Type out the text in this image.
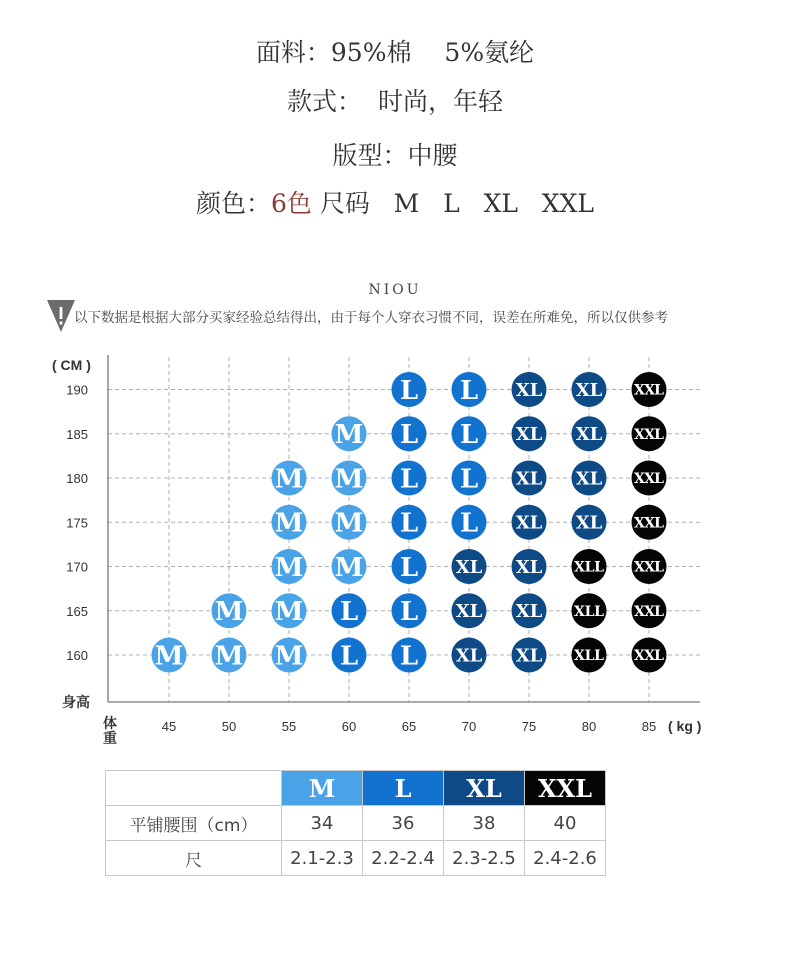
面料：95%棉　 5%氨纶
款式：  时尚，年轻
版型：中腰
颜色：6色 尺码   M   L   XL   XXL
NIOU
以下数据是根据大部分买家经验总结得出，由于每个人穿衣习惯不同，误差在所难免，所以仅供参考
160
165
170
175
180
185
190
45	50	55	60	65	70	75	80	85
( CM )
身高
( kg )
体
重
L L XL XL XXL
M L L XL XL XXL
M M L L XL XL XXL
M M L L XL XL XXL
M M L XL XL XLL XXL
M M L L XL XL XLL XXL
M M M L L XL XL XLL XXL
	M	L	XL	XXL
平铺腰围（cm）	34	36	38	40
尺	2.1-2.3	2.2-2.4	2.3-2.5	2.4-2.6
